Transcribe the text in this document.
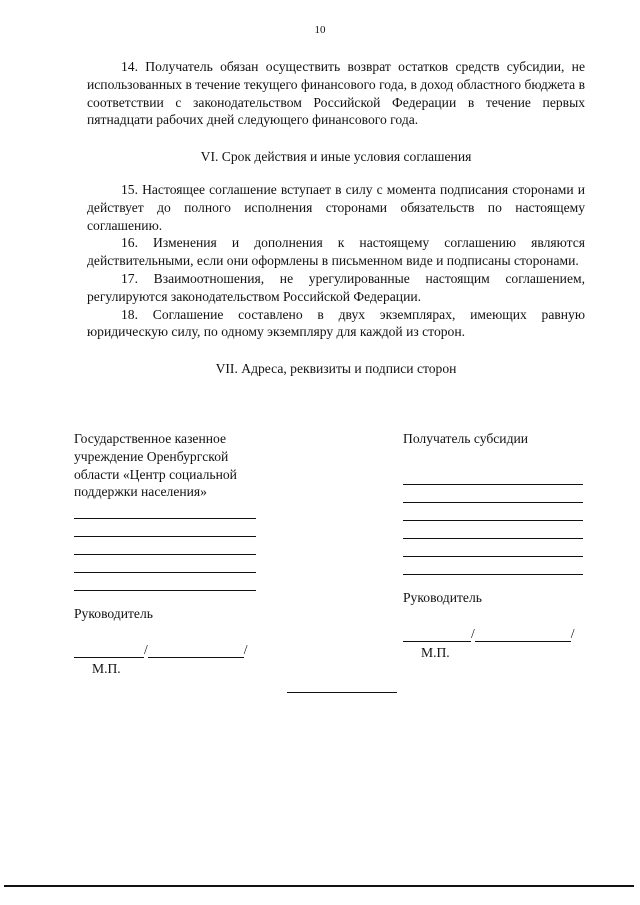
10

14. Получатель обязан осуществить возврат остатков средств субсидии, не использованных в течение текущего финансового года, в доход областного бюджета в соответствии с законодательством Российской Федерации в течение первых пятнадцати рабочих дней следующего финансового года.

VI. Срок действия и иные условия соглашения

15. Настоящее соглашение вступает в силу с момента подписания сторонами и действует до полного исполнения сторонами обязательств по настоящему соглашению.

16. Изменения и дополнения к настоящему соглашению являются действительными, если они оформлены в письменном виде и подписаны сторонами.

17. Взаимоотношения, не урегулированные настоящим соглашением, регулируются законодательством Российской Федерации.

18. Соглашение составлено в двух экземплярах, имеющих равную юридическую силу, по одному экземпляру для каждой из сторон.

VII. Адреса, реквизиты и подписи сторон

Государственное казенное учреждение Оренбургской области «Центр социальной поддержки населения»

Руководитель

/	/

М.П.

Получатель субсидии

Руководитель

/	/

М.П.
